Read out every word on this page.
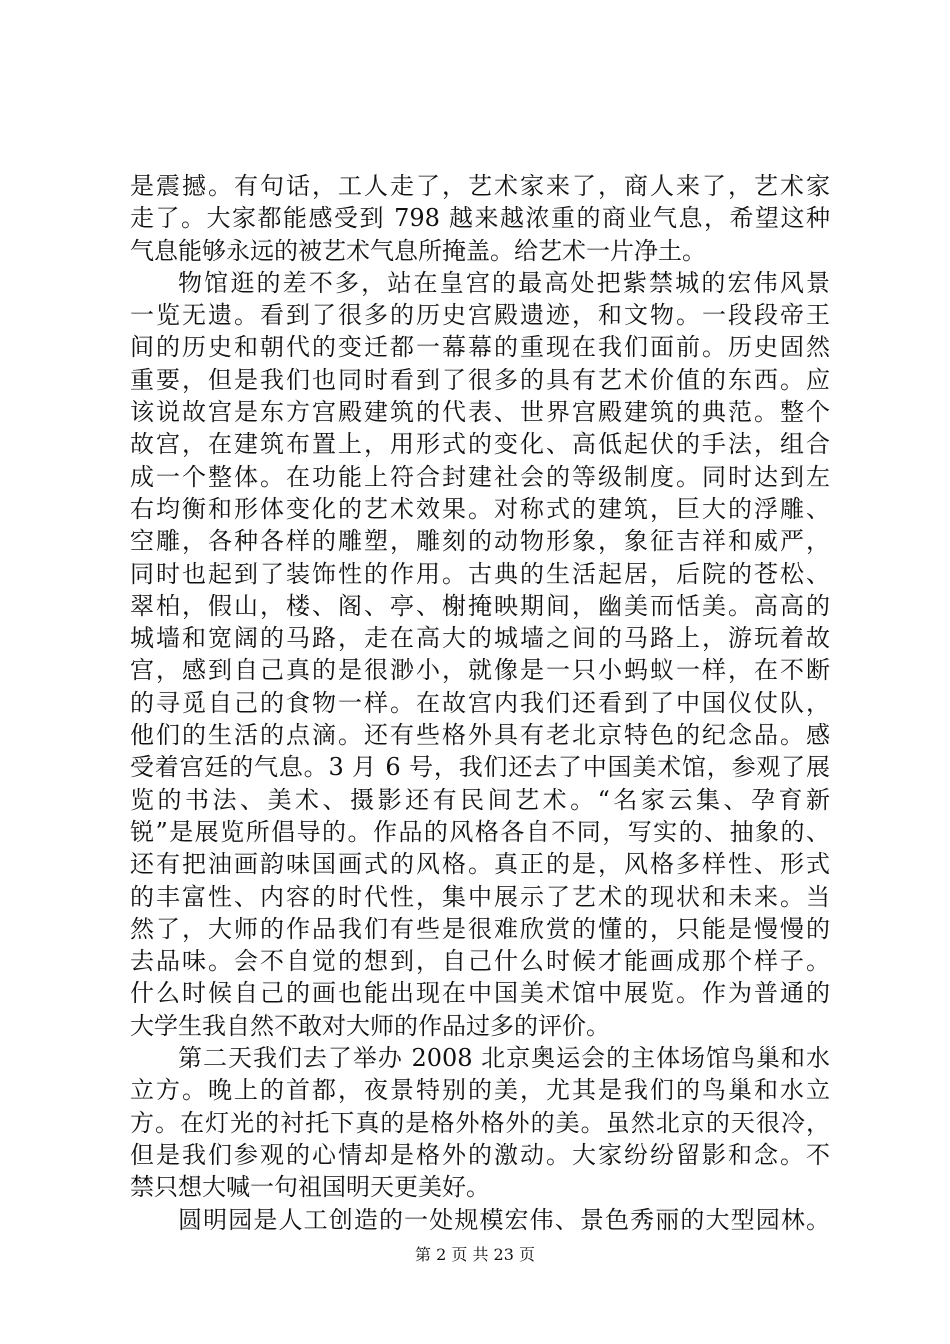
是震撼。有句话，工人走了，艺术家来了，商人来了，艺术家
走了。大家都能感受到 798 越来越浓重的商业气息，希望这种
气息能够永远的被艺术气息所掩盖。给艺术一片净土。
物馆逛的差不多，站在皇宫的最高处把紫禁城的宏伟风景
一览无遗。看到了很多的历史宫殿遗迹，和文物。一段段帝王
间的历史和朝代的变迁都一幕幕的重现在我们面前。历史固然
重要，但是我们也同时看到了很多的具有艺术价值的东西。应
该说故宫是东方宫殿建筑的代表、世界宫殿建筑的典范。整个
故宫，在建筑布置上，用形式的变化、高低起伏的手法，组合
成一个整体。在功能上符合封建社会的等级制度。同时达到左
右均衡和形体变化的艺术效果。对称式的建筑，巨大的浮雕、
空雕，各种各样的雕塑，雕刻的动物形象，象征吉祥和威严，
同时也起到了装饰性的作用。古典的生活起居，后院的苍松、
翠柏，假山，楼、阁、亭、榭掩映期间，幽美而恬美。高高的
城墙和宽阔的马路，走在高大的城墙之间的马路上，游玩着故
宫，感到自己真的是很渺小，就像是一只小蚂蚁一样，在不断
的寻觅自己的食物一样。在故宫内我们还看到了中国仪仗队，
他们的生活的点滴。还有些格外具有老北京特色的纪念品。感
受着宫廷的气息。3 月 6 号，我们还去了中国美术馆，参观了展
览的书法、美术、摄影还有民间艺术。“名家云集、孕育新
锐”是展览所倡导的。作品的风格各自不同，写实的、抽象的、
还有把油画韵味国画式的风格。真正的是，风格多样性、形式
的丰富性、内容的时代性，集中展示了艺术的现状和未来。当
然了，大师的作品我们有些是很难欣赏的懂的，只能是慢慢的
去品味。会不自觉的想到，自己什么时候才能画成那个样子。
什么时候自己的画也能出现在中国美术馆中展览。作为普通的
大学生我自然不敢对大师的作品过多的评价。
第二天我们去了举办 2008 北京奥运会的主体场馆鸟巢和水
立方。晚上的首都，夜景特别的美，尤其是我们的鸟巢和水立
方。在灯光的衬托下真的是格外格外的美。虽然北京的天很冷，
但是我们参观的心情却是格外的激动。大家纷纷留影和念。不
禁只想大喊一句祖国明天更美好。
圆明园是人工创造的一处规模宏伟、景色秀丽的大型园林。
第 2 页 共 23 页
